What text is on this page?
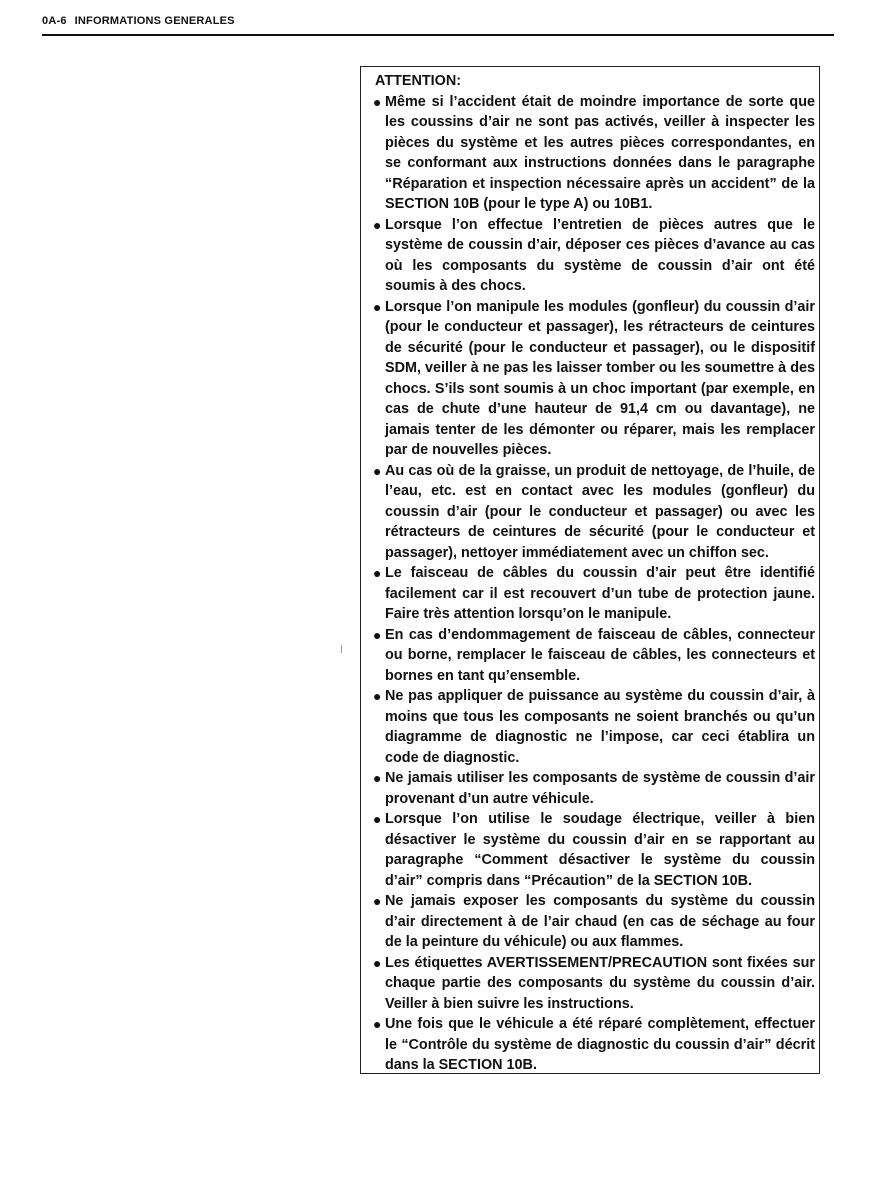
0A-6 INFORMATIONS GENERALES
ATTENTION:
● Même si l’accident était de moindre importance de sorte que les coussins d’air ne sont pas activés, veiller à inspecter les pièces du système et les autres pièces correspondantes, en se conformant aux instructions données dans le paragraphe “Réparation et inspection nécessaire après un accident” de la SECTION 10B (pour le type A) ou 10B1.
● Lorsque l’on effectue l’entretien de pièces autres que le système de coussin d’air, déposer ces pièces d’avance au cas où les composants du système de coussin d’air ont été soumis à des chocs.
● Lorsque l’on manipule les modules (gonfleur) du coussin d’air (pour le conducteur et passager), les rétracteurs de ceintures de sécurité (pour le conducteur et passager), ou le dispositif SDM, veiller à ne pas les laisser tomber ou les soumettre à des chocs. S’ils sont soumis à un choc important (par exemple, en cas de chute d’une hauteur de 91,4 cm ou davantage), ne jamais tenter de les démonter ou réparer, mais les remplacer par de nouvelles pièces.
● Au cas où de la graisse, un produit de nettoyage, de l’huile, de l’eau, etc. est en contact avec les modules (gonfleur) du coussin d’air (pour le conducteur et passager) ou avec les rétracteurs de ceintures de sécurité (pour le conducteur et passager), nettoyer immédiatement avec un chiffon sec.
● Le faisceau de câbles du coussin d’air peut être identifié facilement car il est recouvert d’un tube de protection jaune. Faire très attention lorsqu’on le manipule.
● En cas d’endommagement de faisceau de câbles, connecteur ou borne, remplacer le faisceau de câbles, les connecteurs et bornes en tant qu’ensemble.
● Ne pas appliquer de puissance au système du coussin d’air, à moins que tous les composants ne soient branchés ou qu’un diagramme de diagnostic ne l’impose, car ceci établira un code de diagnostic.
● Ne jamais utiliser les composants de système de coussin d’air provenant d’un autre véhicule.
● Lorsque l’on utilise le soudage électrique, veiller à bien désactiver le système du coussin d’air en se rapportant au paragraphe “Comment désactiver le système du coussin d’air” compris dans “Précaution” de la SECTION 10B.
● Ne jamais exposer les composants du système du coussin d’air directement à de l’air chaud (en cas de séchage au four de la peinture du véhicule) ou aux flammes.
● Les étiquettes AVERTISSEMENT/PRECAUTION sont fixées sur chaque partie des composants du système du coussin d’air. Veiller à bien suivre les instructions.
● Une fois que le véhicule a été réparé complètement, effectuer le “Contrôle du système de diagnostic du coussin d’air” décrit dans la SECTION 10B.
